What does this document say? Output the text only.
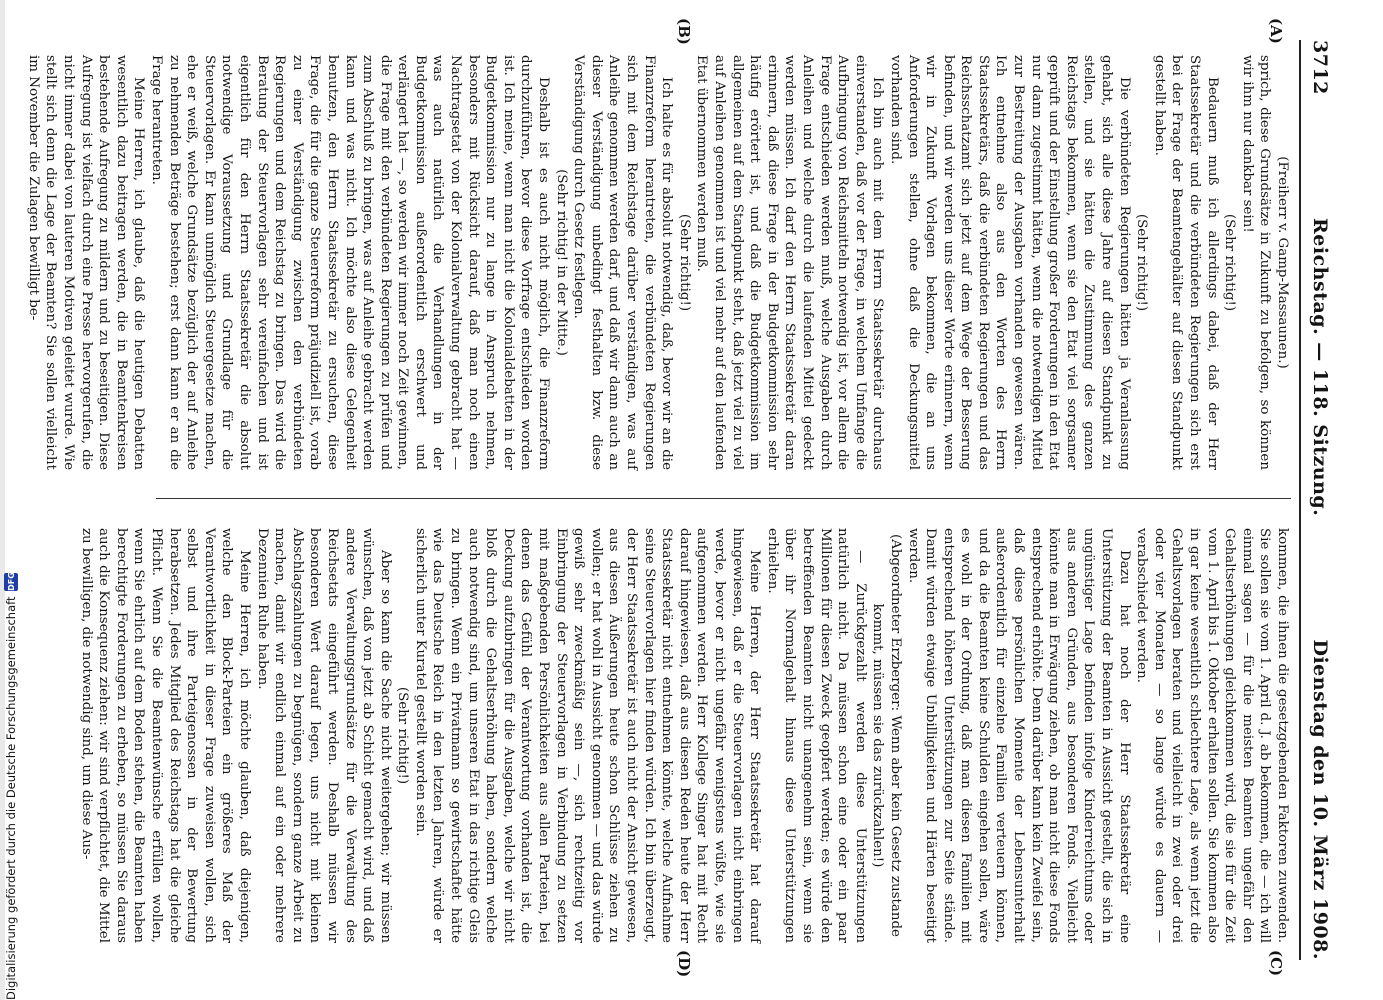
3712
Reichstag. — 118. Sitzung.
Dienstag den 10. März 1908.
(A)
(B)
(C)
(D)

(Freiherr v. Gamp-Massaunen.)

sprich, diese Grundsätze in Zukunft zu befolgen, so können wir ihm nur dankbar sein!

(Sehr richtig!)

Bedauern muß ich allerdings dabei, daß der Herr Staatssekretär und die verbündeten Regierungen sich erst bei der Frage der Beamtengehälter auf diesen Standpunkt gestellt haben.

(Sehr richtig!)

Die verbündeten Regierungen hätten ja Veranlassung gehabt, sich alle diese Jahre auf diesen Standpunkt zu stellen, und sie hätten die Zustimmung des ganzen Reichstags bekommen, wenn sie den Etat viel sorgsamer geprüft und der Einstellung großer Forderungen in den Etat nur dann zugestimmt hätten, wenn die notwendigen Mittel zur Bestreitung der Ausgaben vorhanden gewesen wären. Ich entnehme also aus den Worten des Herrn Staatssekretärs, daß die verbündeten Regierungen und das Reichsschatzamt sich jetzt auf dem Wege der Besserung befinden, und wir werden uns dieser Worte erinnern, wenn wir in Zukunft Vorlagen bekommen, die an uns Anforderungen stellen, ohne daß die Deckungsmittel vorhanden sind.

Ich bin auch mit dem Herrn Staatssekretär durchaus einverstanden, daß vor der Frage, in welchem Umfange die Aufbringung von Reichsmitteln notwendig ist, vor allem die Frage entschieden werden muß, welche Ausgaben durch Anleihen und welche durch die laufenden Mittel gedeckt werden müssen. Ich darf den Herrn Staatssekretär daran erinnern, daß diese Frage in der Budgetkommission sehr häufig erörtert ist, und daß die Budgetkommission im allgemeinen auf dem Standpunkt steht, daß jetzt viel zu viel auf Anleihen genommen ist und viel mehr auf den laufenden Etat übernommen werden muß.

(Sehr richtig!)

Ich halte es für absolut notwendig, daß, bevor wir an die Finanzreform herantreten, die verbündeten Regierungen sich mit dem Reichstage darüber verständigen, was auf Anleihe genommen werden darf, und daß wir dann auch an dieser Verständigung unbedingt festhalten bzw. diese Verständigung durch Gesetz festlegen.

(Sehr richtig! in der Mitte.)

Deshalb ist es auch nicht möglich, die Finanzreform durchzuführen, bevor diese Vorfrage entschieden worden ist. Ich meine, wenn man nicht die Kolonialdebatten in der Budgetkommission nur zu lange in Anspruch nehmen, besonders mit Rücksicht darauf, daß man noch einen Nachtragsetat von der Kolonialverwaltung gebracht hat — was auch natürlich die Verhandlungen in der Budgetkommission außerordentlich erschwert und verlängert hat —, so werden wir immer noch Zeit gewinnen, die Frage mit den verbündeten Regierungen zu prüfen und zum Abschluß zu bringen, was auf Anleihe gebracht werden kann und was nicht. Ich möchte also diese Gelegenheit benutzen, den Herrn Staatssekretär zu ersuchen, diese Frage, die für die ganze Steuerreform präjudiziell ist, vorab zu einer Verständigung zwischen den verbündeten Regierungen und dem Reichstag zu bringen. Das wird die Beratung der Steuervorlagen sehr vereinfachen und ist eigentlich für den Herrn Staatssekretär die absolut notwendige Voraussetzung und Grundlage für die Steuervorlagen. Er kann unmöglich Steuergesetze machen, ehe er weiß, welche Grundsätze bezüglich der auf Anleihe zu nehmenden Beträge bestehen; erst dann kann er an die Frage herantreten.

Meine Herren, ich glaube, daß die heutigen Debatten wesentlich dazu beitragen werden, die in Beamtenkreisen bestehende Aufregung zu mildern und zu beseitigen. Diese Aufregung ist vielfach durch eine Presse hervorgerufen, die nicht immer dabei von lauteren Motiven geleitet wurde. Wie stellt sich denn die Lage der Beamten? Sie sollen vielleicht im November die Zulagen bewilligt be-

kommen, die ihnen die gesetzgebenden Faktoren zuwenden. Sie sollen sie vom 1. April d. J. ab bekommen, die — ich will einmal sagen — für die meisten Beamten ungefähr den Gehaltserhöhungen gleichkommen wird, die sie für die Zeit vom 1. April bis 1. Oktober erhalten sollen. Sie kommen also in gar keine wesentlich schlechtere Lage, als wenn jetzt die Gehaltsvorlagen beraten und vielleicht in zwei oder drei oder vier Monaten — so lange würde es dauern — verabschiedet werden.

Dazu hat noch der Herr Staatssekretär eine Unterstützung der Beamten in Aussicht gestellt, die sich in ungünstiger Lage befinden infolge Kinderreichtums oder aus anderen Gründen, aus besonderen Fonds. Vielleicht könnte man in Erwägung ziehen, ob man nicht diese Fonds entsprechend erhöhte. Denn darüber kann kein Zweifel sein, daß diese persönlichen Momente der Lebensunterhalt außerordentlich für einzelne Familien verteuern können, und da die Beamten keine Schulden eingehen sollen, wäre es wohl in der Ordnung, daß man diesen Familien mit entsprechend höheren Unterstützungen zur Seite stände. Damit würden etwaige Unbilligkeiten und Härten beseitigt werden.

(Abgeordneter Erzberger: Wenn aber kein Gesetz zustande kommt, müssen sie das zurückzahlen!)

— Zurückgezahlt werden diese Unterstützungen natürlich nicht. Da müssen schon eine oder ein paar Millionen für diesen Zweck geopfert werden; es würde den betreffenden Beamten nicht unangenehm sein, wenn sie über ihr Normalgehalt hinaus diese Unterstützungen erhielten.

Meine Herren, der Herr Staatssekretär hat darauf hingewiesen, daß er die Steuervorlagen nicht einbringen werde, bevor er nicht ungefähr wenigstens wüßte, wie sie aufgenommen werden. Herr Kollege Singer hat mit Recht darauf hingewiesen, daß aus diesen Reden heute der Herr Staatssekretär nicht entnehmen könnte, welche Aufnahme seine Steuervorlagen hier finden würden. Ich bin überzeugt, der Herr Staatssekretär ist auch nicht der Ansicht gewesen, aus diesen Äußerungen heute schon Schlüsse ziehen zu wollen; er hat wohl in Aussicht genommen — und das würde gewiß sehr zweckmäßig sein —, sich rechtzeitig vor Einbringung der Steuervorlagen in Verbindung zu setzen mit maßgebenden Persönlichkeiten aus allen Parteien, bei denen das Gefühl der Verantwortung vorhanden ist, die Deckung aufzubringen für die Ausgaben, welche wir nicht bloß durch die Gehaltserhöhung haben, sondern welche auch notwendig sind, um unseren Etat in das richtige Gleis zu bringen. Wenn ein Privatmann so gewirtschaftet hätte wie das Deutsche Reich in den letzten Jahren, würde er sicherlich unter Kuratel gestellt worden sein.

(Sehr richtig!)

Aber so kann die Sache nicht weitergehen; wir müssen wünschen, daß von jetzt ab Schicht gemacht wird, und daß andere Verwaltungsgrundsätze für die Verwaltung des Reichsetats eingeführt werden. Deshalb müssen wir besonderen Wert darauf legen, uns nicht mit kleinen Abschlagszahlungen zu begnügen, sondern ganze Arbeit zu machen, damit wir endlich einmal auf ein oder mehrere Dezennien Ruhe haben.

Meine Herren, ich möchte glauben, daß diejenigen, welche den Block-Parteien ein größeres Maß der Verantwortlichkeit in dieser Frage zuweisen wollen, sich selbst und ihre Parteigenossen in der Bewertung herabsetzen. Jedes Mitglied des Reichstags hat die gleiche Pflicht. Wenn Sie die Beamtenwünsche erfüllen wollen, wenn Sie ehrlich auf dem Boden stehen, die Beamten haben berechtigte Forderungen zu erheben, so müssen Sie daraus auch die Konsequenz ziehen: wir sind verpflichtet, die Mittel zu bewilligen, die notwendig sind, um diese Aus-

Digitalisierung gefördert durch die Deutsche Forschungsgemeinschaft
DFG
